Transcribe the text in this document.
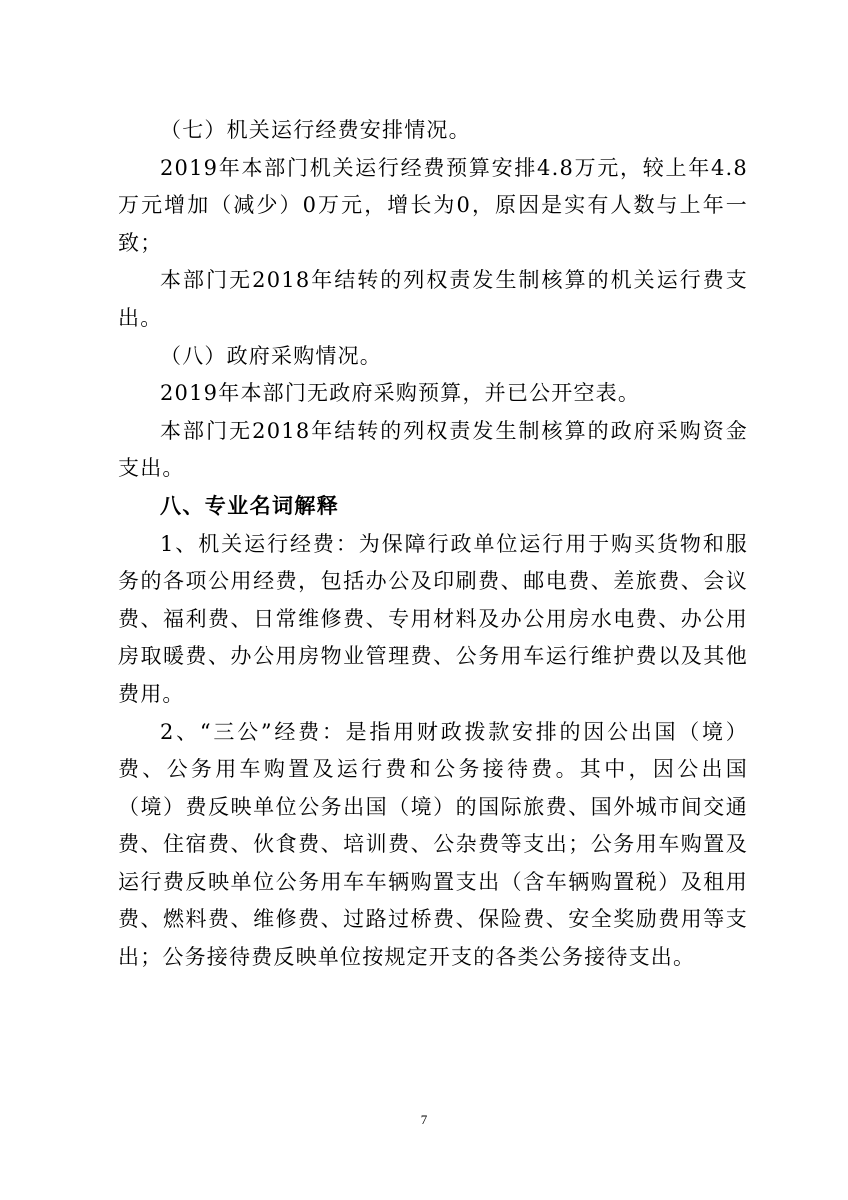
（七）机关运行经费安排情况。

2019年本部门机关运行经费预算安排4.8万元，较上年4.8万元增加（减少）0万元，增长为0，原因是实有人数与上年一致；

本部门无2018年结转的列权责发生制核算的机关运行费支出。

（八）政府采购情况。

2019年本部门无政府采购预算，并已公开空表。

本部门无2018年结转的列权责发生制核算的政府采购资金支出。

八、专业名词解释

1、机关运行经费：为保障行政单位运行用于购买货物和服务的各项公用经费，包括办公及印刷费、邮电费、差旅费、会议费、福利费、日常维修费、专用材料及办公用房水电费、办公用房取暖费、办公用房物业管理费、公务用车运行维护费以及其他费用。

2、“三公”经费：是指用财政拨款安排的因公出国（境）费、公务用车购置及运行费和公务接待费。其中，因公出国（境）费反映单位公务出国（境）的国际旅费、国外城市间交通费、住宿费、伙食费、培训费、公杂费等支出；公务用车购置及运行费反映单位公务用车车辆购置支出（含车辆购置税）及租用费、燃料费、维修费、过路过桥费、保险费、安全奖励费用等支出；公务接待费反映单位按规定开支的各类公务接待支出。

7
